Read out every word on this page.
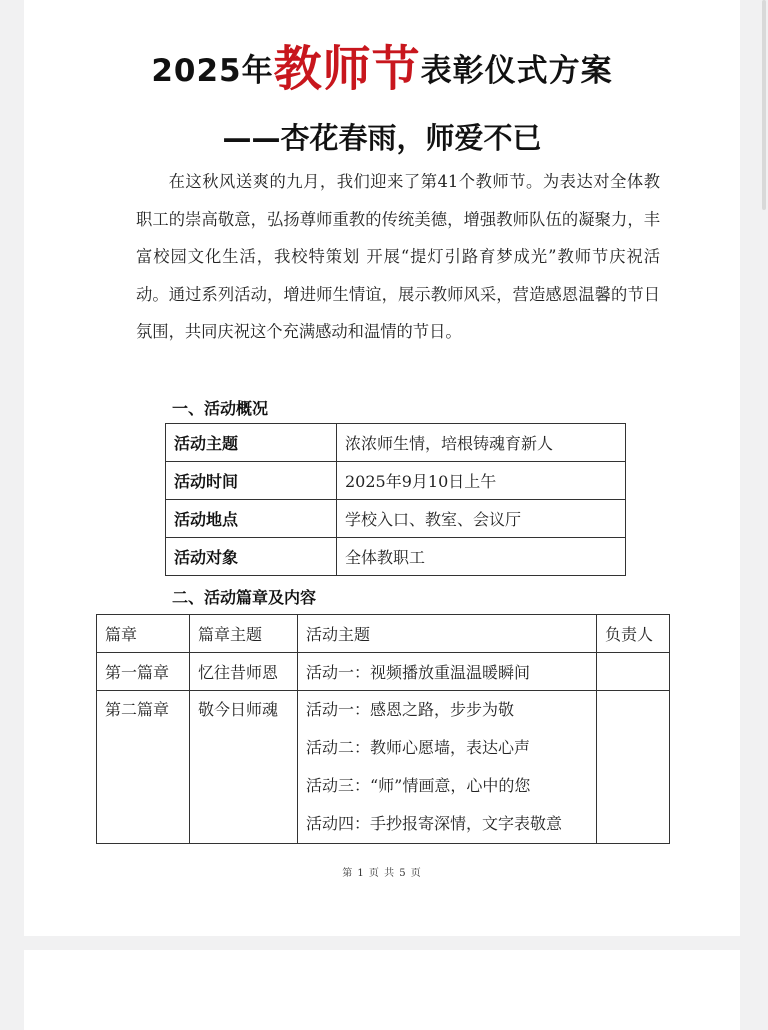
2025年教师节表彰仪式方案
——杏花春雨，师爱不已

在这秋风送爽的九月，我们迎来了第41个教师节。为表达对全体教职工的崇高敬意，弘扬尊师重教的传统美德，增强教师队伍的凝聚力，丰富校园文化生活，我校特策划 开展“提灯引路育梦成光”教师节庆祝活动。通过系列活动，增进师生情谊，展示教师风采，营造感恩温馨的节日氛围，共同庆祝这个充满感动和温情的节日。

一、活动概况

活动主题	浓浓师生情，培根铸魂育新人
活动时间	2025年9月10日上午
活动地点	学校入口、教室、会议厅
活动对象	全体教职工

二、活动篇章及内容

篇章	篇章主题	活动主题	负责人
第一篇章	忆往昔师恩	活动一：视频播放重温温暖瞬间	

第二篇章	敬今日师魂	活动一：感恩之路，步步为敬
活动二：教师心愿墙，表达心声
活动三：“师”情画意，心中的您
活动四：手抄报寄深情，文字表敬意	

第 1 页 共 5 页
